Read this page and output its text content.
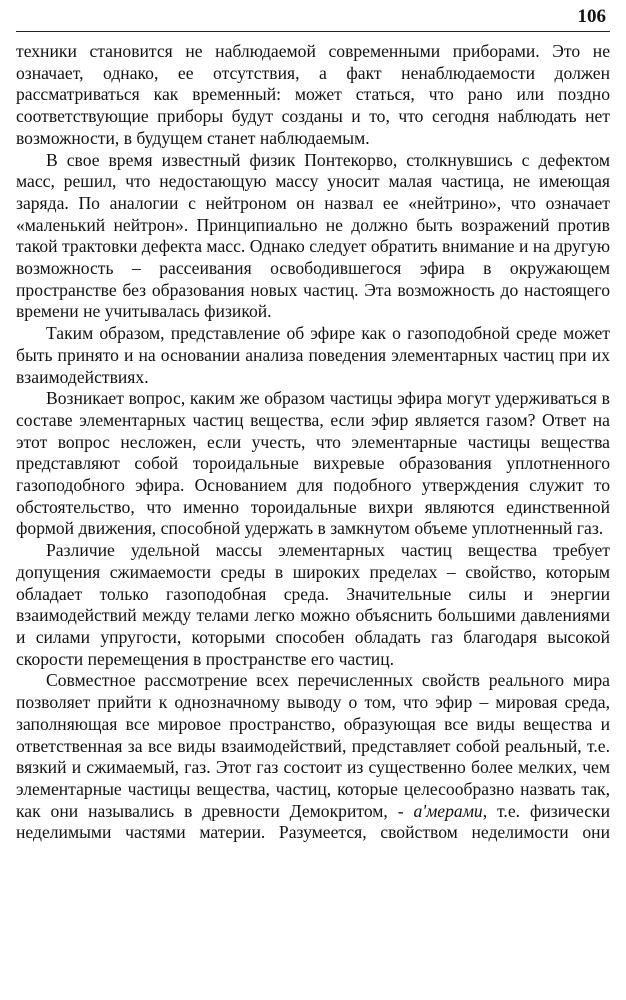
106

техники становится не наблюдаемой современными приборами. Это не означает, однако, ее отсутствия, а факт ненаблюдаемости должен рассматриваться как временный: может статься, что рано или поздно соответствующие приборы будут созданы и то, что сегодня наблюдать нет возможности, в будущем станет наблюдаемым.

В свое время известный физик Понтекорво, столкнувшись с дефектом масс, решил, что недостающую массу уносит малая частица, не имеющая заряда. По аналогии с нейтроном он назвал ее «нейтрино», что означает «маленький нейтрон». Принципиально не должно быть возражений против такой трактовки дефекта масс. Однако следует обратить внимание и на другую возможность – рассеивания освободившегося эфира в окружающем пространстве без образования новых частиц. Эта возможность до настоящего времени не учитывалась физикой.

Таким образом, представление об эфире как о газоподобной среде может быть принято и на основании анализа поведения элементарных частиц при их взаимодействиях.

Возникает вопрос, каким же образом частицы эфира могут удерживаться в составе элементарных частиц вещества, если эфир является газом? Ответ на этот вопрос несложен, если учесть, что элементарные частицы вещества представляют собой тороидальные вихревые образования уплотненного газоподобного эфира. Основанием для подобного утверждения служит то обстоятельство, что именно тороидальные вихри являются единственной формой движения, способной удержать в замкнутом объеме уплотненный газ.

Различие удельной массы элементарных частиц вещества требует допущения сжимаемости среды в широких пределах – свойство, которым обладает только газоподобная среда. Значительные силы и энергии взаимодействий между телами легко можно объяснить большими давлениями и силами упругости, которыми способен обладать газ благодаря высокой скорости перемещения в пространстве его частиц.

Совместное рассмотрение всех перечисленных свойств реального мира позволяет прийти к однозначному выводу о том, что эфир – мировая среда, заполняющая все мировое пространство, образующая все виды вещества и ответственная за все виды взаимодействий, представляет собой реальный, т.е. вязкий и сжимаемый, газ. Этот газ состоит из существенно более мелких, чем элементарные частицы вещества, частиц, которые целесообразно назвать так, как они назывались в древности Демокритом, - а'мерами, т.е. физически неделимыми частями материи. Разумеется, свойством неделимости они
